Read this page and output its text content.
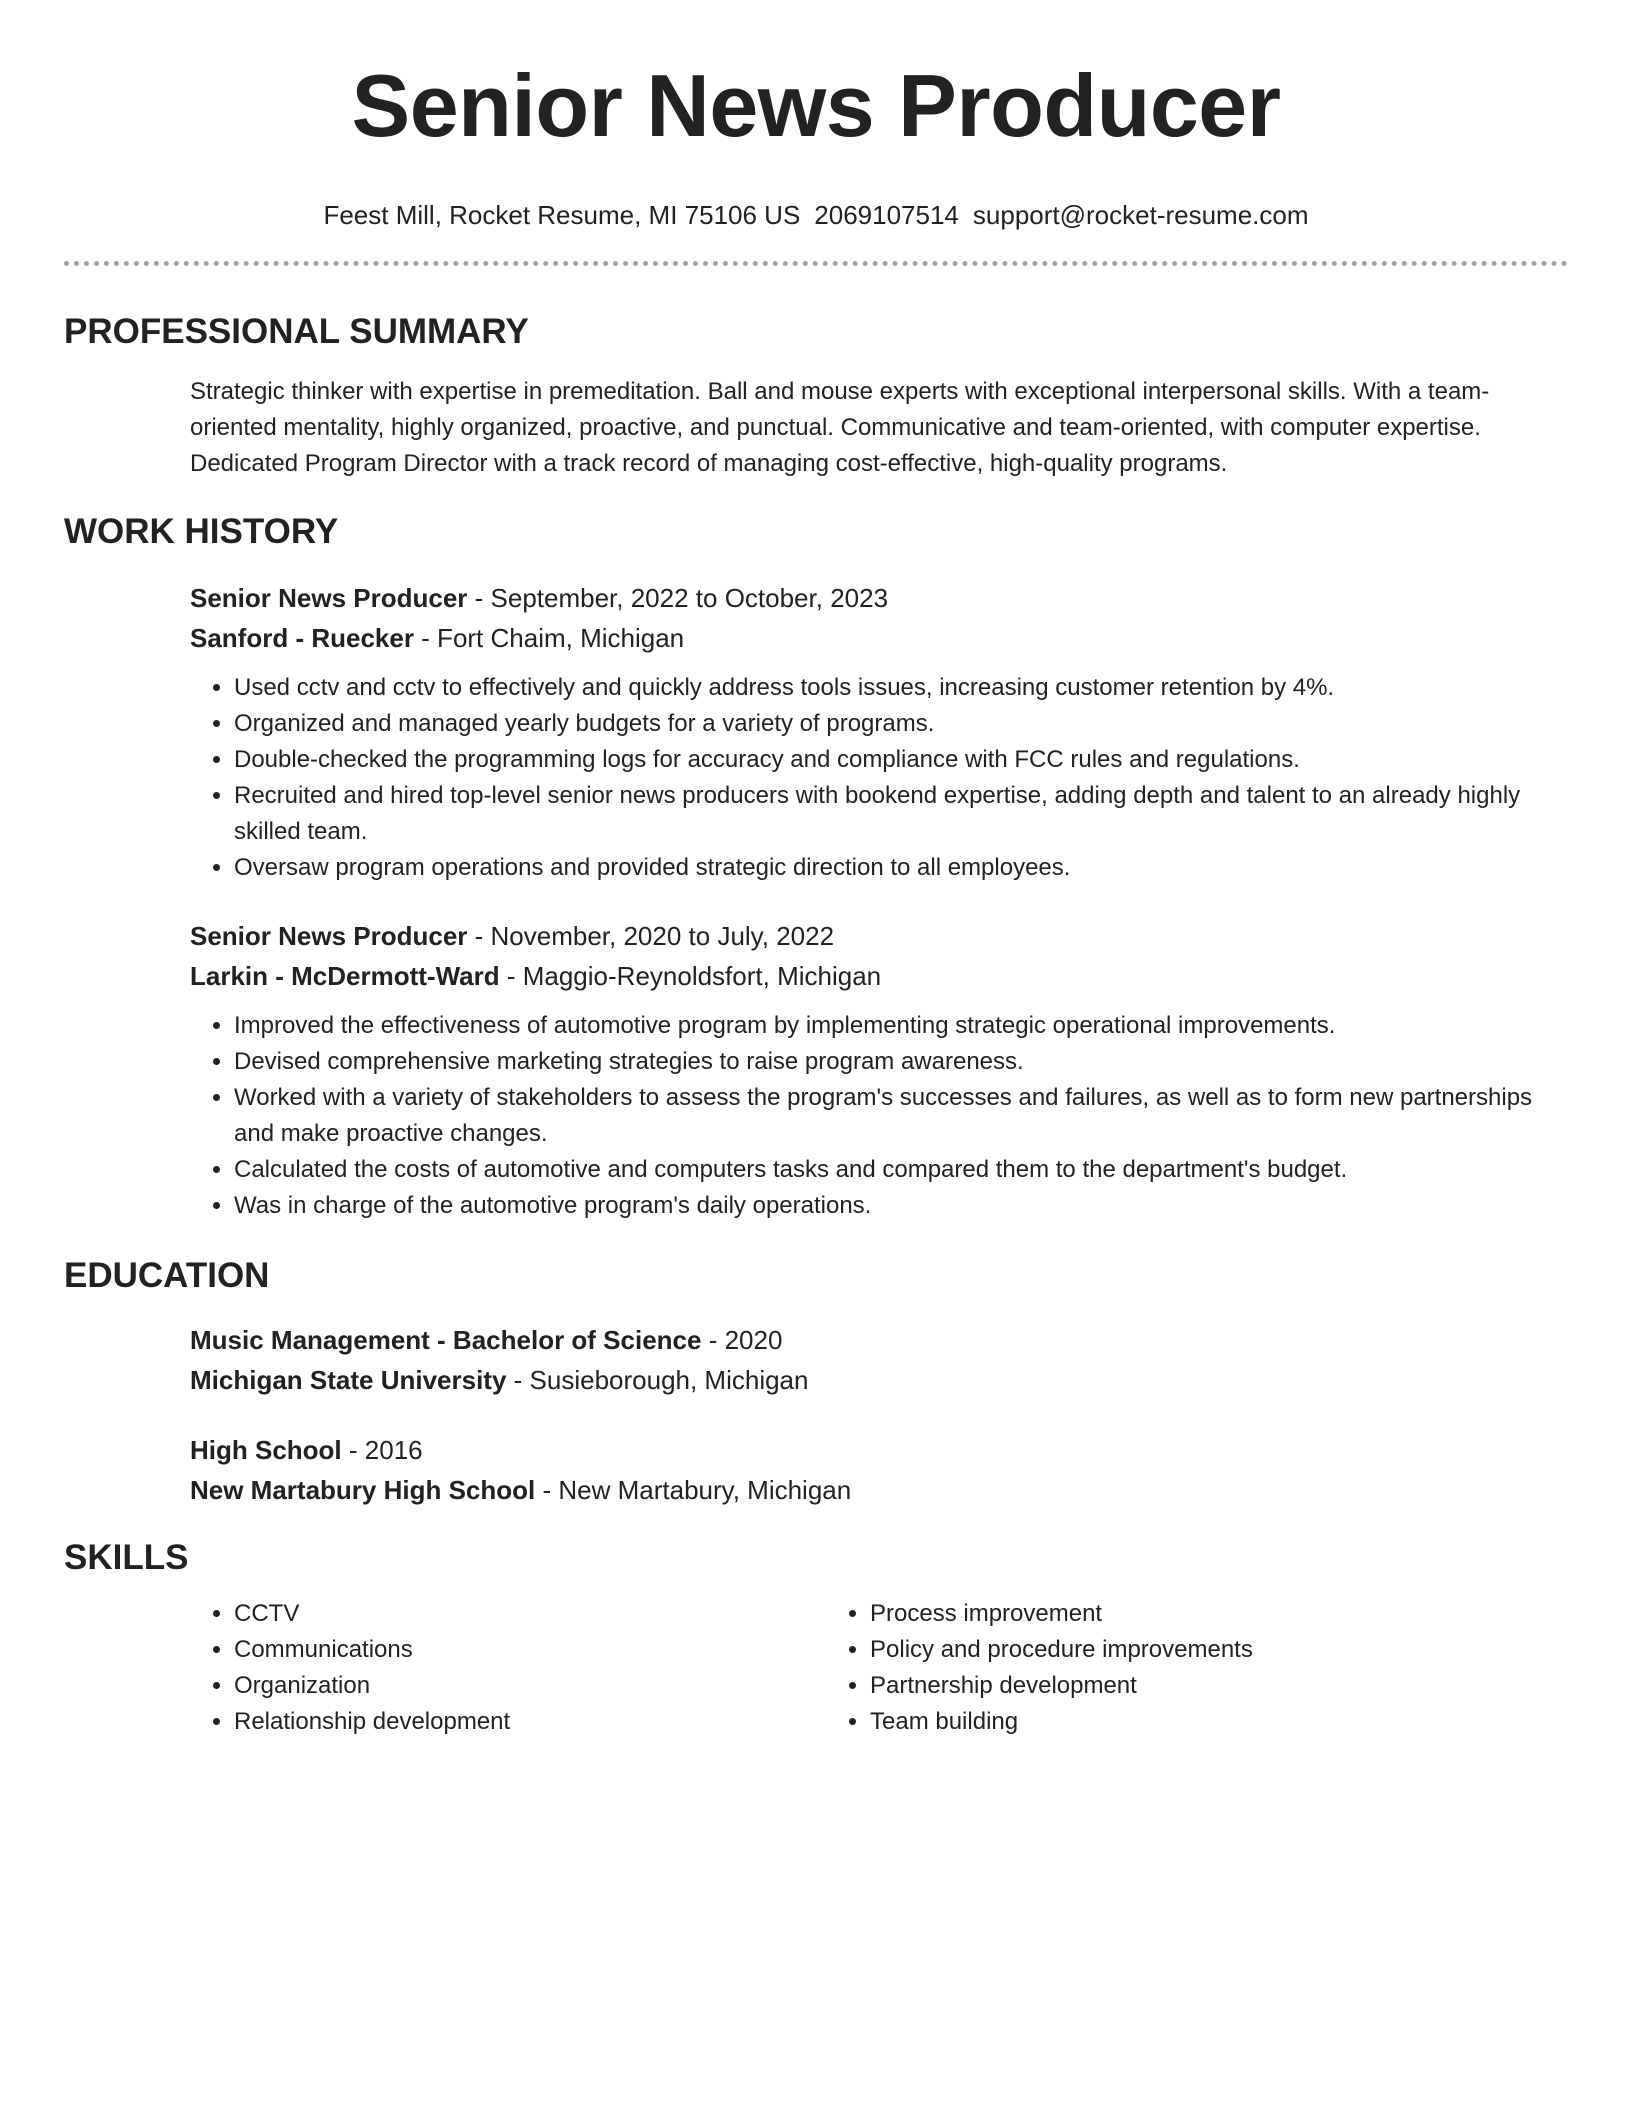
Senior News Producer
Feest Mill, Rocket Resume, MI 75106 US 2069107514 support@rocket-resume.com
PROFESSIONAL SUMMARY

Strategic thinker with expertise in premeditation. Ball and mouse experts with exceptional interpersonal skills. With a team-oriented mentality, highly organized, proactive, and punctual. Communicative and team-oriented, with computer expertise. Dedicated Program Director with a track record of managing cost-effective, high-quality programs.

WORK HISTORY
Senior News Producer - September, 2022 to October, 2023
Sanford - Ruecker - Fort Chaim, Michigan
• Used cctv and cctv to effectively and quickly address tools issues, increasing customer retention by 4%.
• Organized and managed yearly budgets for a variety of programs.
• Double-checked the programming logs for accuracy and compliance with FCC rules and regulations.
• Recruited and hired top-level senior news producers with bookend expertise, adding depth and talent to an already highly skilled team.
• Oversaw program operations and provided strategic direction to all employees.
Senior News Producer - November, 2020 to July, 2022
Larkin - McDermott-Ward - Maggio-Reynoldsfort, Michigan
• Improved the effectiveness of automotive program by implementing strategic operational improvements.
• Devised comprehensive marketing strategies to raise program awareness.
• Worked with a variety of stakeholders to assess the program's successes and failures, as well as to form new partnerships and make proactive changes.
• Calculated the costs of automotive and computers tasks and compared them to the department's budget.
• Was in charge of the automotive program's daily operations.
EDUCATION
Music Management - Bachelor of Science - 2020
Michigan State University - Susieborough, Michigan
High School - 2016
New Martabury High School - New Martabury, Michigan
SKILLS
• CCTV
• Communications
• Organization
• Relationship development
• Process improvement
• Policy and procedure improvements
• Partnership development
• Team building
